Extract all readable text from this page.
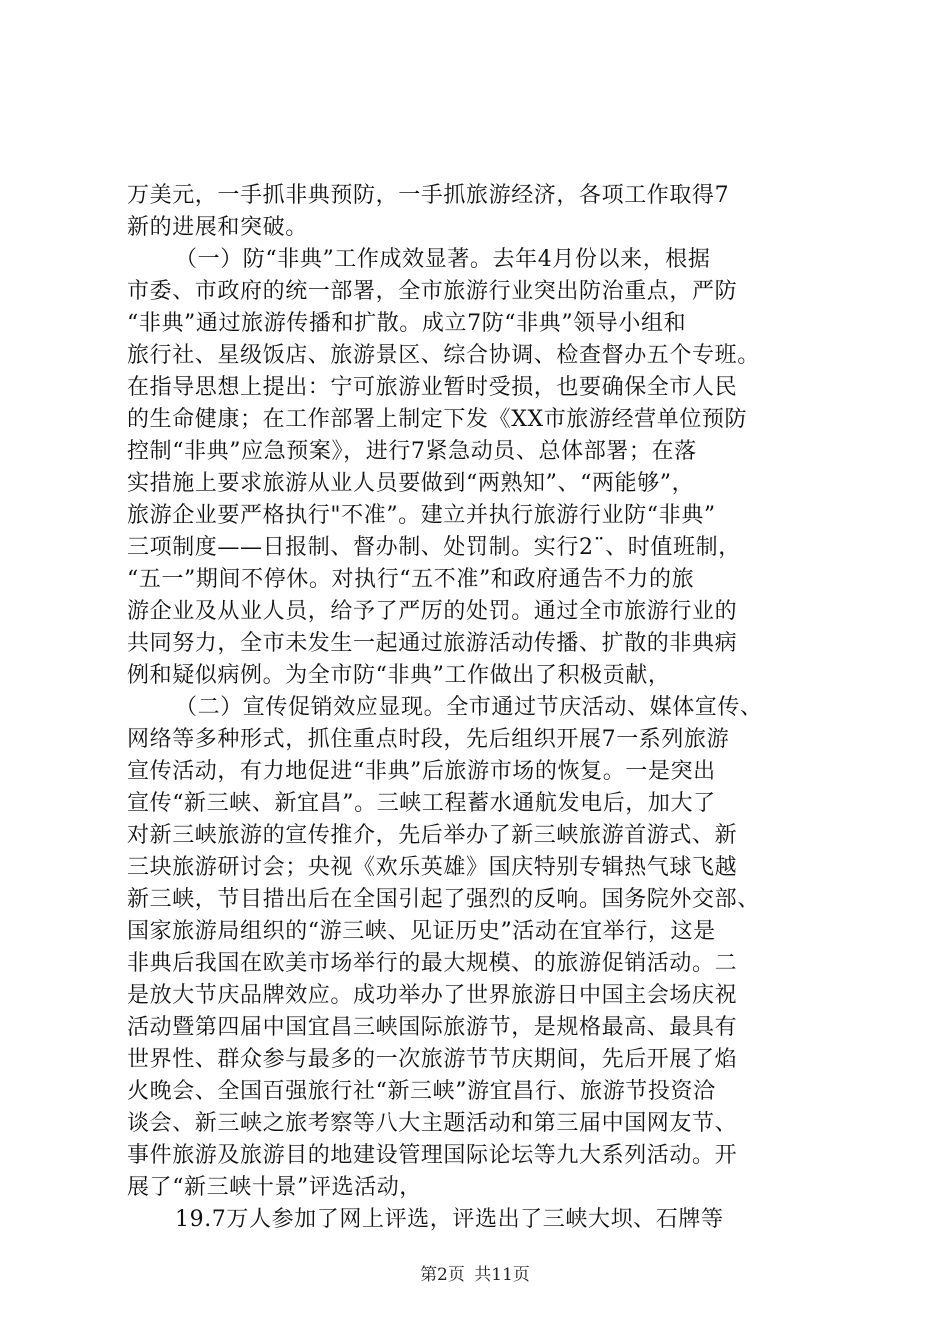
万美元，一手抓非典预防，一手抓旅游经济，各项工作取得7
新的进展和突破。
（一）防“非典”工作成效显著。去年4月份以来，根据
市委、市政府的统一部署，全市旅游行业突出防治重点，严防
“非典”通过旅游传播和扩散。成立7防“非典”领导小组和
旅行社、星级饭店、旅游景区、综合协调、检查督办五个专班。
在指导思想上提出：宁可旅游业暂时受损，也要确保全市人民
的生命健康；在工作部署上制定下发《XX市旅游经营单位预防
控制“非典”应急预案》，进行7紧急动员、总体部署；在落
实措施上要求旅游从业人员要做到“两熟知”、“两能够”，
旅游企业要严格执行"不准”。建立并执行旅游行业防“非典”
三项制度——日报制、督办制、处罚制。实行2¨、时值班制，
“五一”期间不停休。对执行“五不准”和政府通告不力的旅
游企业及从业人员，给予了严厉的处罚。通过全市旅游行业的
共同努力，全市未发生一起通过旅游活动传播、扩散的非典病
例和疑似病例。为全市防“非典”工作做出了积极贡献，
（二）宣传促销效应显现。全市通过节庆活动、媒体宣传、
网络等多种形式，抓住重点时段，先后组织开展7一系列旅游
宣传活动，有力地促进“非典”后旅游市场的恢复。一是突出
宣传“新三峡、新宜昌”。三峡工程蓄水通航发电后，加大了
对新三峡旅游的宣传推介，先后举办了新三峡旅游首游式、新
三块旅游研讨会；央视《欢乐英雄》国庆特别专辑热气球飞越
新三峡，节目措出后在全国引起了强烈的反响。国务院外交部、
国家旅游局组织的“游三峡、见证历史”活动在宜举行，这是
非典后我国在欧美市场举行的最大规模、的旅游促销活动。二
是放大节庆品牌效应。成功举办了世界旅游日中国主会场庆祝
活动暨第四届中国宜昌三峡国际旅游节，是规格最高、最具有
世界性、群众参与最多的一次旅游节节庆期间，先后开展了焰
火晚会、全国百强旅行社“新三峡”游宜昌行、旅游节投资洽
谈会、新三峡之旅考察等八大主题活动和第三届中国网友节、
事件旅游及旅游目的地建设管理国际论坛等九大系列活动。开
展了“新三峡十景”评选活动，
19.7万人参加了网上评选，评选出了三峡大坝、石牌等
第2页 共11页
